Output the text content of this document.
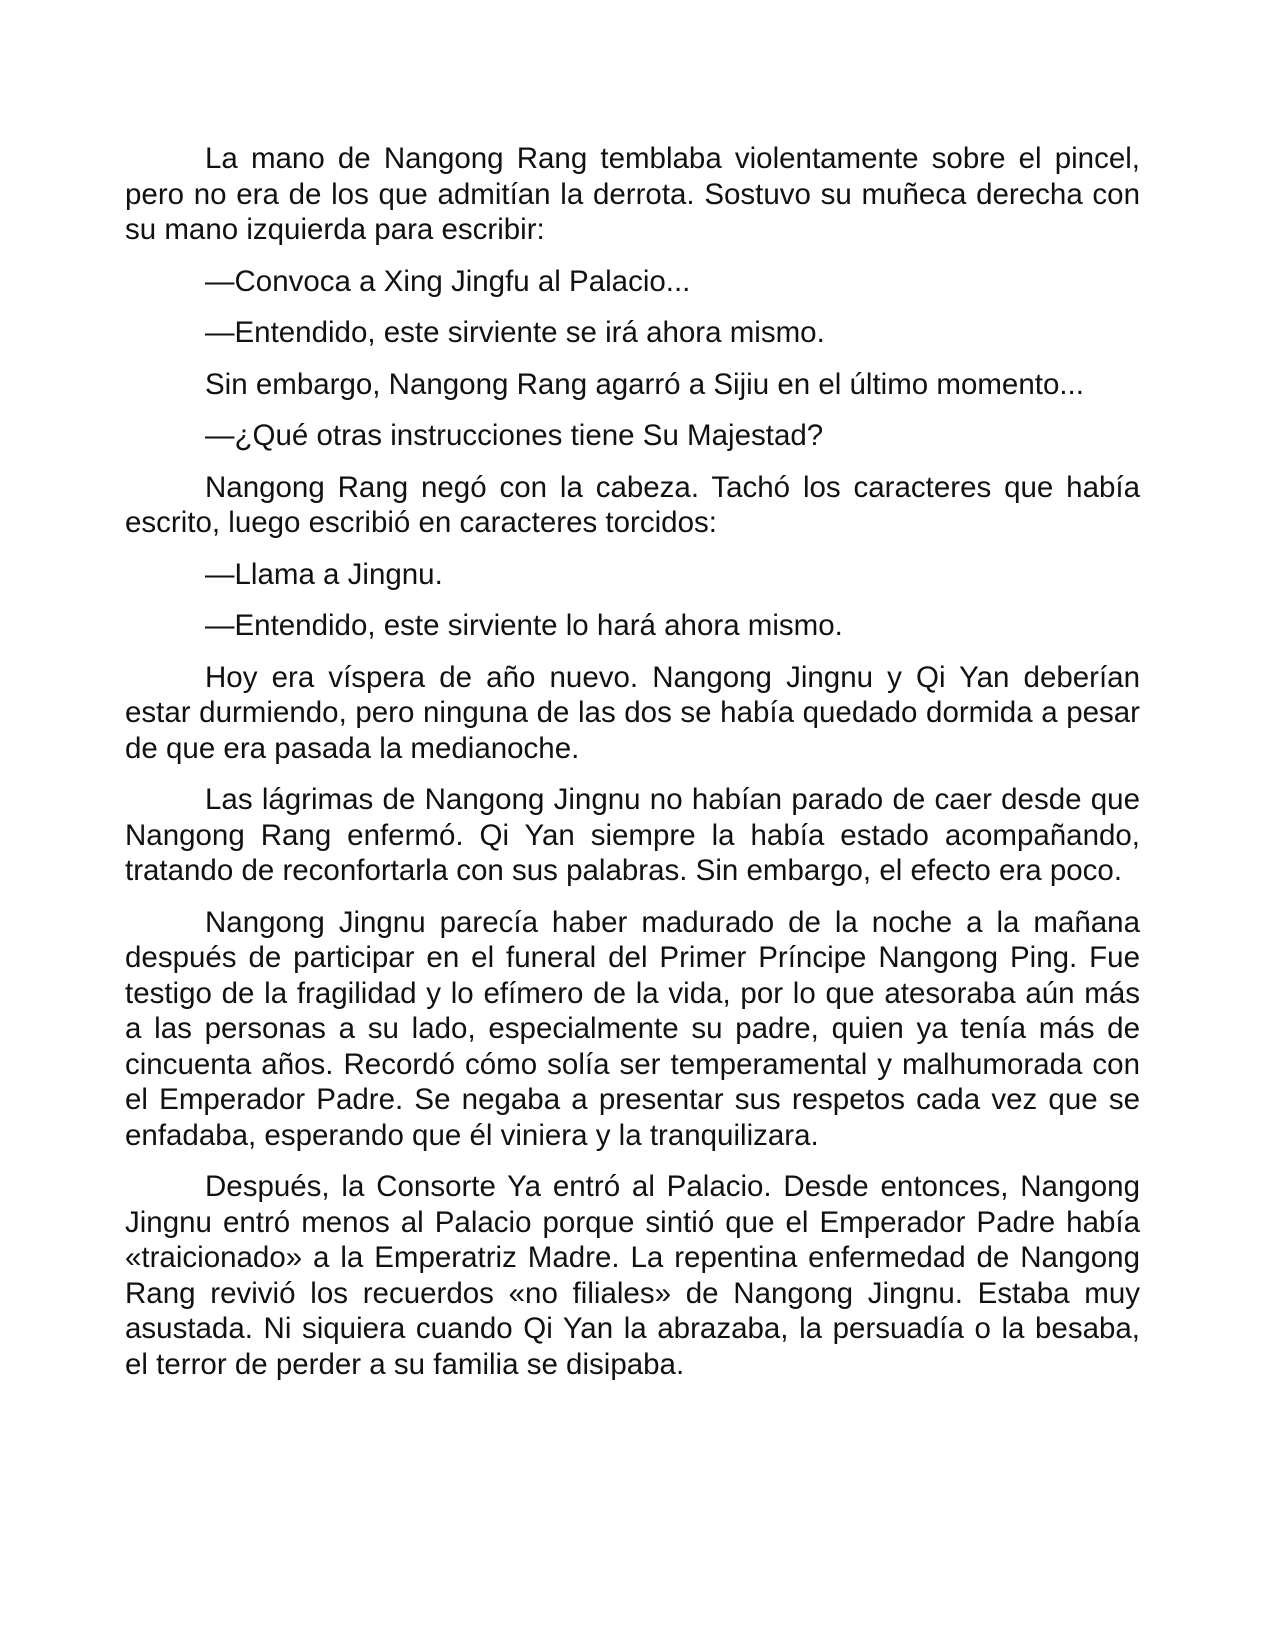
La mano de Nangong Rang temblaba violentamente sobre el pincel, pero no era de los que admitían la derrota. Sostuvo su muñeca derecha con su mano izquierda para escribir:

—Convoca a Xing Jingfu al Palacio...

—Entendido, este sirviente se irá ahora mismo.

Sin embargo, Nangong Rang agarró a Sijiu en el último momento...

—¿Qué otras instrucciones tiene Su Majestad?

Nangong Rang negó con la cabeza. Tachó los caracteres que había escrito, luego escribió en caracteres torcidos:

—Llama a Jingnu.

—Entendido, este sirviente lo hará ahora mismo.

Hoy era víspera de año nuevo. Nangong Jingnu y Qi Yan deberían estar durmiendo, pero ninguna de las dos se había quedado dormida a pesar de que era pasada la medianoche.

Las lágrimas de Nangong Jingnu no habían parado de caer desde que Nangong Rang enfermó. Qi Yan siempre la había estado acompañando, tratando de reconfortarla con sus palabras. Sin embargo, el efecto era poco.

Nangong Jingnu parecía haber madurado de la noche a la mañana después de participar en el funeral del Primer Príncipe Nangong Ping. Fue testigo de la fragilidad y lo efímero de la vida, por lo que atesoraba aún más a las personas a su lado, especialmente su padre, quien ya tenía más de cincuenta años. Recordó cómo solía ser temperamental y malhumorada con el Emperador Padre. Se negaba a presentar sus respetos cada vez que se enfadaba, esperando que él viniera y la tranquilizara.

Después, la Consorte Ya entró al Palacio. Desde entonces, Nangong Jingnu entró menos al Palacio porque sintió que el Emperador Padre había «traicionado» a la Emperatriz Madre. La repentina enfermedad de Nangong Rang revivió los recuerdos «no filiales» de Nangong Jingnu. Estaba muy asustada. Ni siquiera cuando Qi Yan la abrazaba, la persuadía o la besaba, el terror de perder a su familia se disipaba.
